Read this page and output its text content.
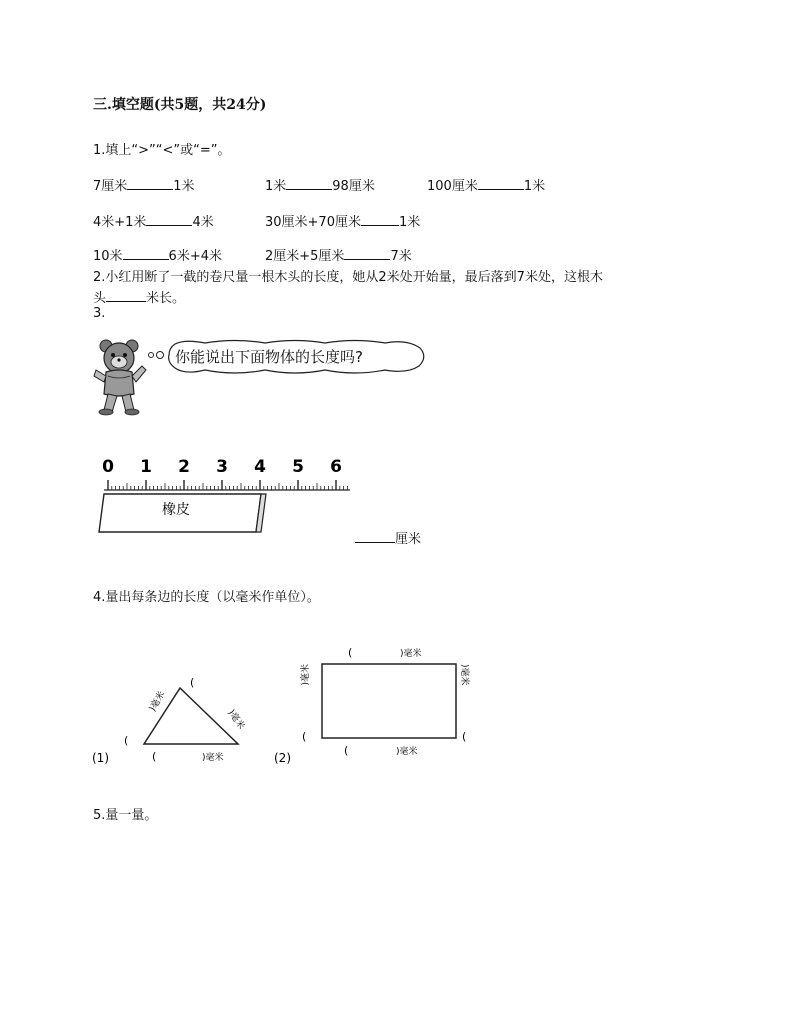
三.填空题(共5题，共24分)
1.填上“>”“<”或“=”。
7厘米	1米	1米	98厘米	100厘米	1米
4米+1米	4米	30厘米+70厘米	1米
10米	6米+4米	2厘米+5厘米	7米
2.小红用断了一截的卷尺量一根木头的长度，她从2米处开始量，最后落到7米处，这根木
头	米长。
3.
你能说出下面物体的长度吗?
0 1 2 3 4 5 6
橡皮
厘米
4.量出每条边的长度（以毫米作单位）。
(
)毫米
(
)毫米
(	)毫米
(1)
(	)毫米
(	)毫米
)毫米
(
)毫米
(
(2)
5.量一量。
